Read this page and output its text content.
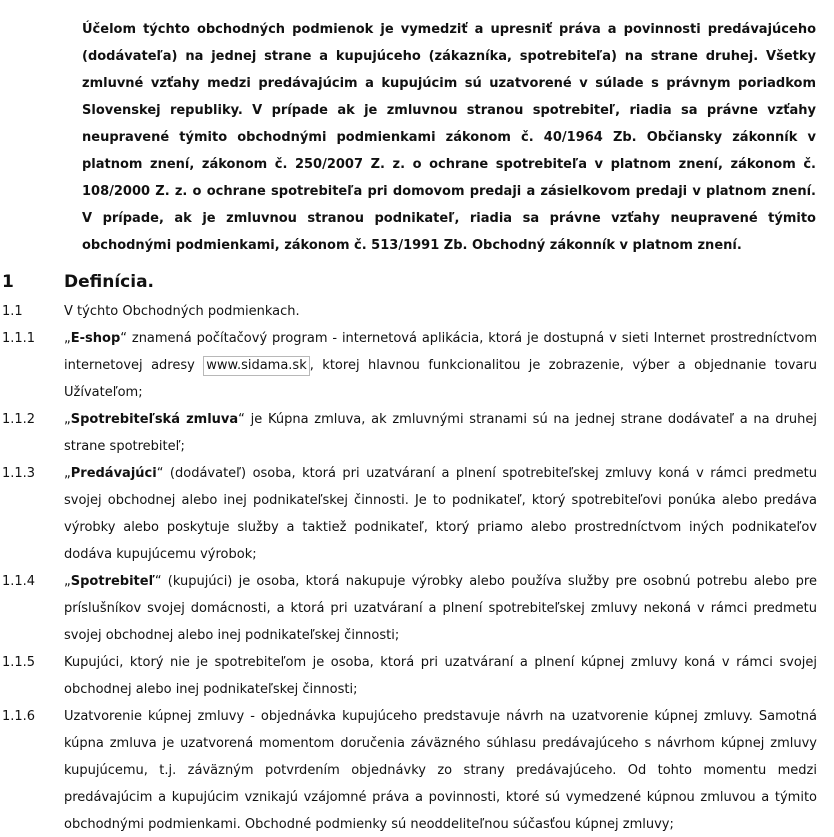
Účelom týchto obchodných podmienok je vymedziť a upresniť práva a povinnosti predávajúceho (dodávateľa) na jednej strane a kupujúceho (zákazníka, spotrebiteľa) na strane druhej. Všetky zmluvné vzťahy medzi predávajúcim a kupujúcim sú uzatvorené v súlade s právnym poriadkom Slovenskej republiky. V prípade ak je zmluvnou stranou spotrebiteľ, riadia sa právne vzťahy neupravené týmito obchodnými podmienkami zákonom č. 40/1964 Zb. Občiansky zákonník v platnom znení, zákonom č. 250/2007 Z. z. o ochrane spotrebiteľa v platnom znení, zákonom č. 108/2000 Z. z. o ochrane spotrebiteľa pri domovom predaji a zásielkovom predaji v platnom znení. V prípade, ak je zmluvnou stranou podnikateľ, riadia sa právne vzťahy neupravené týmito obchodnými podmienkami, zákonom č. 513/1991 Zb. Obchodný zákonník v platnom znení.

1	Definícia.
1.1	V týchto Obchodných podmienkach.
1.1.1 „E-shop“ znamená počítačový program - internetová aplikácia, ktorá je dostupná v sieti Internet prostredníctvom internetovej adresy www.sidama.sk , ktorej hlavnou funkcionalitou je zobrazenie, výber a objednanie tovaru Užívateľom;
1.1.2 „Spotrebiteľská zmluva“ je Kúpna zmluva, ak zmluvnými stranami sú na jednej strane dodávateľ a na druhej strane spotrebiteľ;
1.1.3 „Predávajúci“ (dodávateľ) osoba, ktorá pri uzatváraní a plnení spotrebiteľskej zmluvy koná v rámci predmetu svojej obchodnej alebo inej podnikateľskej činnosti. Je to podnikateľ, ktorý spotrebiteľovi ponúka alebo predáva výrobky alebo poskytuje služby a taktiež podnikateľ, ktorý priamo alebo prostredníctvom iných podnikateľov dodáva kupujúcemu výrobok;
1.1.4 „Spotrebiteľ“ (kupujúci) je osoba, ktorá nakupuje výrobky alebo používa služby pre osobnú potrebu alebo pre príslušníkov svojej domácnosti, a ktorá pri uzatváraní a plnení spotrebiteľskej zmluvy nekoná v rámci predmetu svojej obchodnej alebo inej podnikateľskej činnosti;
1.1.5 Kupujúci, ktorý nie je spotrebiteľom je osoba, ktorá pri uzatváraní a plnení kúpnej zmluvy koná v rámci svojej obchodnej alebo inej podnikateľskej činnosti;
1.1.6 Uzatvorenie kúpnej zmluvy - objednávka kupujúceho predstavuje návrh na uzatvorenie kúpnej zmluvy. Samotná kúpna zmluva je uzatvorená momentom doručenia záväzného súhlasu predávajúceho s návrhom kúpnej zmluvy kupujúcemu, t.j. záväzným potvrdením objednávky zo strany predávajúceho. Od tohto momentu medzi predávajúcim a kupujúcim vznikajú vzájomné práva a povinnosti, ktoré sú vymedzené kúpnou zmluvou a týmito obchodnými podmienkami. Obchodné podmienky sú neoddeliteľnou súčasťou kúpnej zmluvy;
